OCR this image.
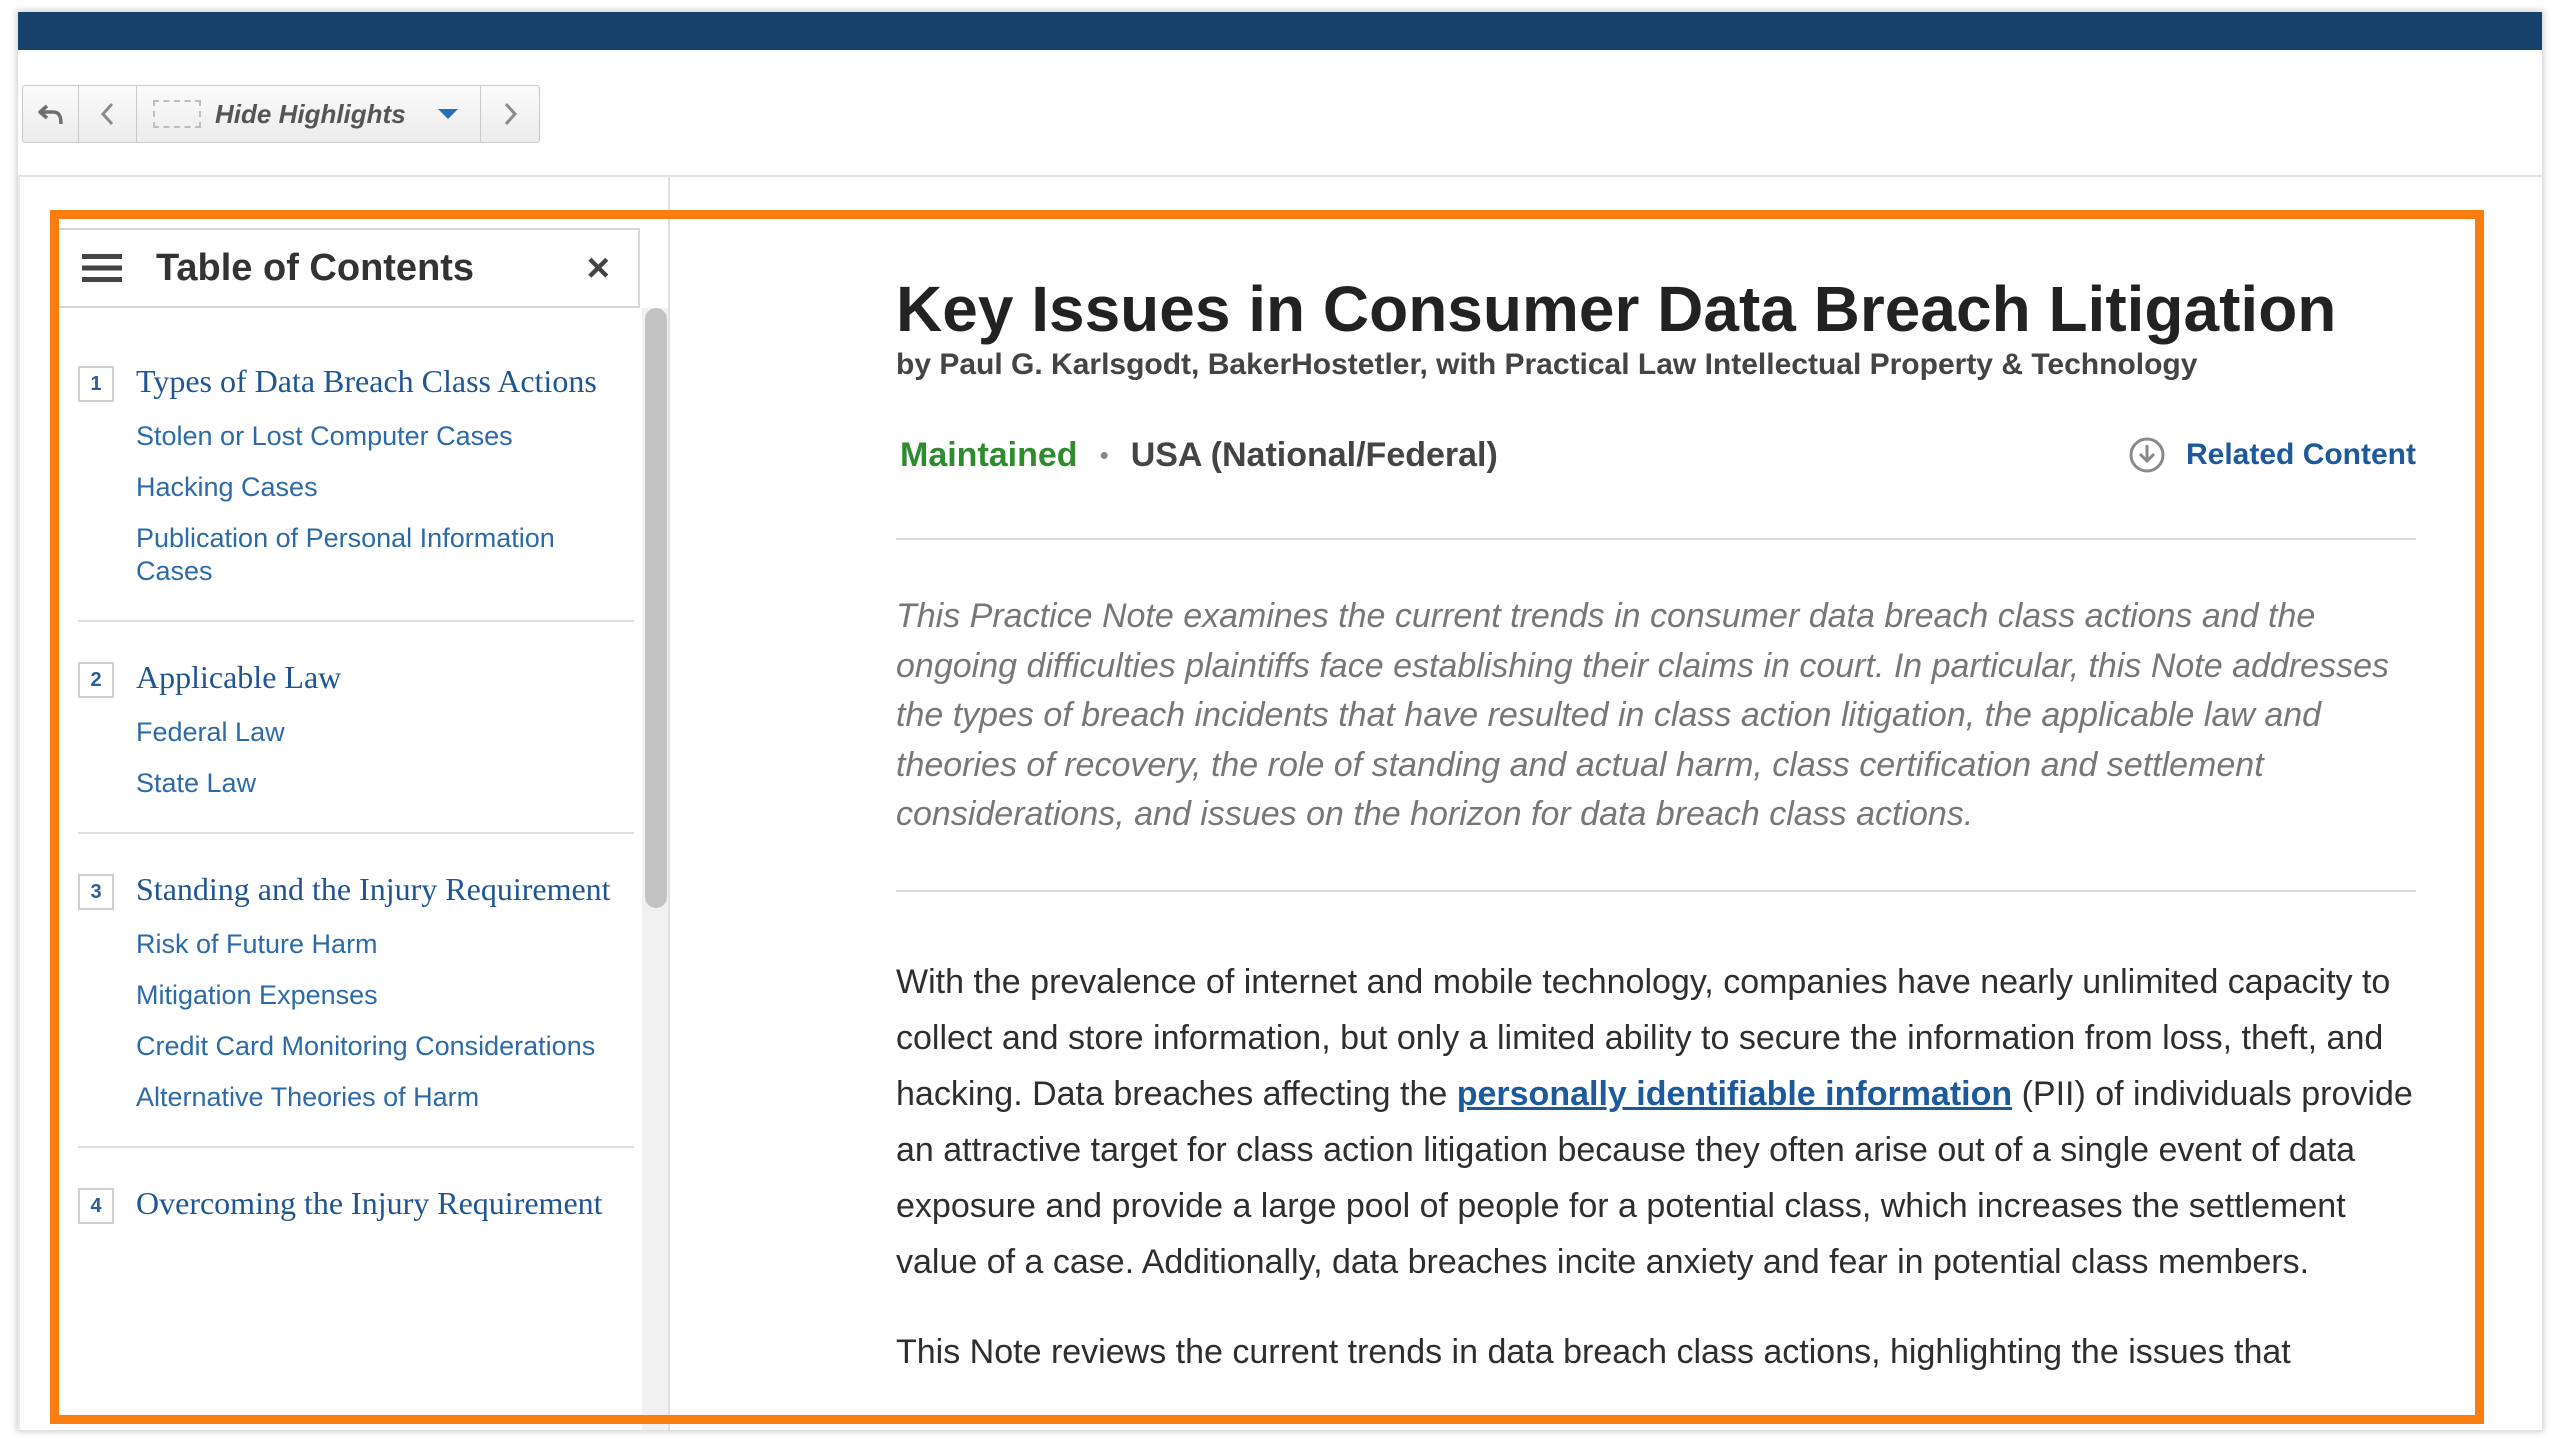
Hide Highlights
Table of Contents	×
1	Types of Data Breach Class Actions
Stolen or Lost Computer Cases
Hacking Cases
Publication of Personal Information Cases
2	Applicable Law
Federal Law
State Law
3	Standing and the Injury Requirement
Risk of Future Harm
Mitigation Expenses
Credit Card Monitoring Considerations
Alternative Theories of Harm
4	Overcoming the Injury Requirement
Key Issues in Consumer Data Breach Litigation
by Paul G. Karlsgodt, BakerHostetler, with Practical Law Intellectual Property & Technology
Maintained • USA (National/Federal)	Related Content
This Practice Note examines the current trends in consumer data breach class actions and the ongoing difficulties plaintiffs face establishing their claims in court. In particular, this Note addresses the types of breach incidents that have resulted in class action litigation, the applicable law and theories of recovery, the role of standing and actual harm, class certification and settlement considerations, and issues on the horizon for data breach class actions.
With the prevalence of internet and mobile technology, companies have nearly unlimited capacity to collect and store information, but only a limited ability to secure the information from loss, theft, and hacking. Data breaches affecting the personally identifiable information (PII) of individuals provide an attractive target for class action litigation because they often arise out of a single event of data exposure and provide a large pool of people for a potential class, which increases the settlement value of a case. Additionally, data breaches incite anxiety and fear in potential class members.
This Note reviews the current trends in data breach class actions, highlighting the issues that
